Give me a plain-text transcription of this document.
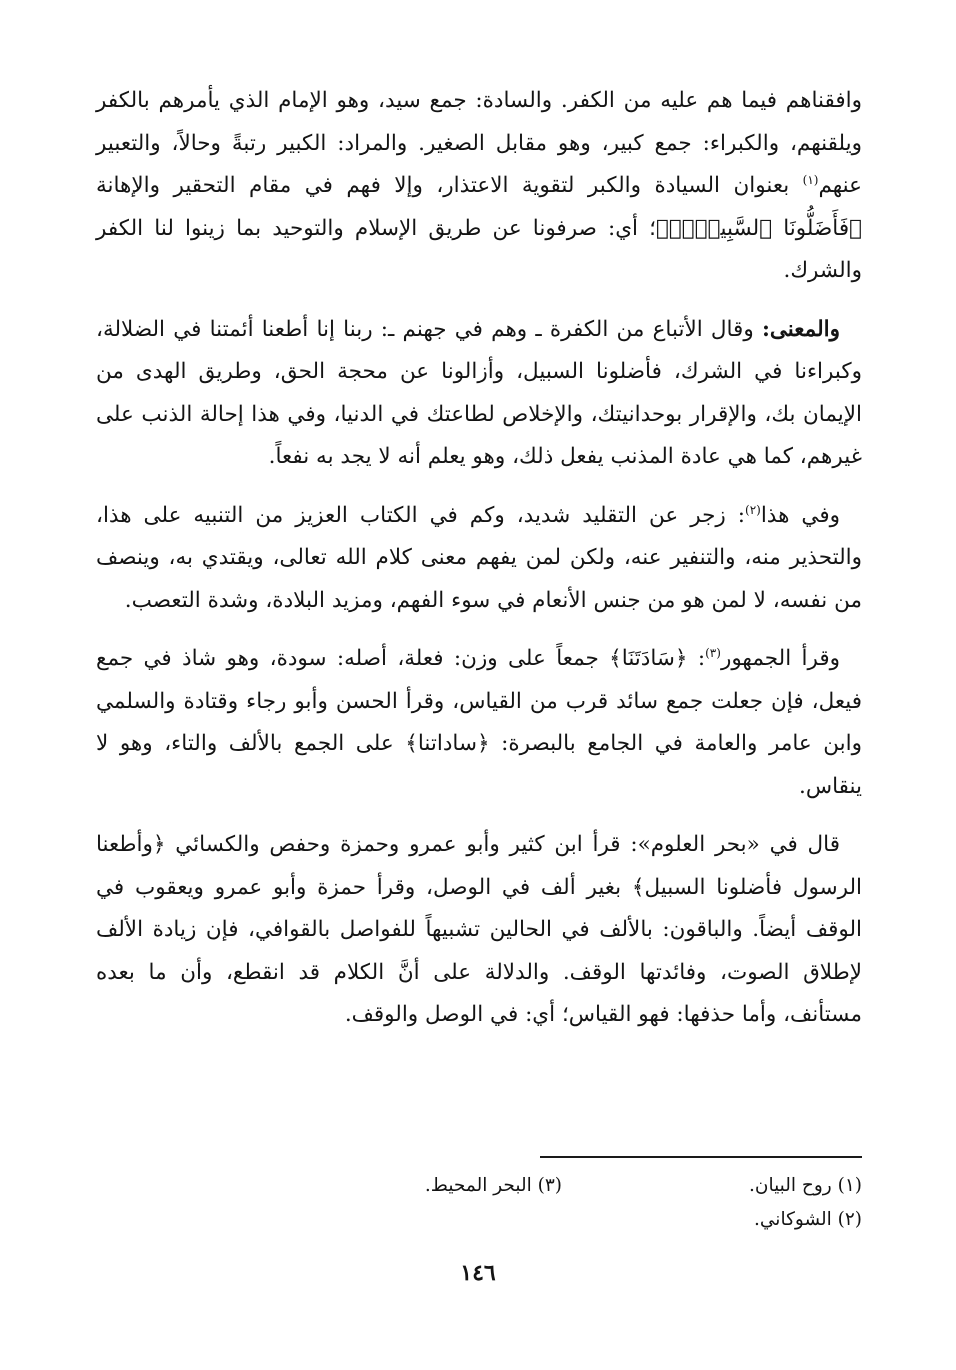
وافقناهم فيما هم عليه من الكفر. والسادة: جمع سيد، وهو الإمام الذي يأمرهم بالكفر ويلقنهم، والكبراء: جمع كبير، وهو مقابل الصغير. والمراد: الكبير رتبةً وحالاً، والتعبير عنهم$^{(١)}$ بعنوان السيادة والكبر لتقوية الاعتذار، وإلا فهم في مقام التحقير والإهانة ﴿فَأَضَلُّونَا ٱلسَّبِيلَا۠﴾؛ أي: صرفونا عن طريق الإسلام والتوحيد بما زينوا لنا الكفر والشرك.

والمعنى: وقال الأتباع من الكفرة ـ وهم في جهنم ـ: ربنا إنا أطعنا أئمتنا في الضلالة، وكبراءنا في الشرك، فأضلونا السبيل، وأزالونا عن محجة الحق، وطريق الهدى من الإيمان بك، والإقرار بوحدانيتك، والإخلاص لطاعتك في الدنيا، وفي هذا إحالة الذنب على غيرهم، كما هي عادة المذنب يفعل ذلك، وهو يعلم أنه لا يجد به نفعاً.

وفي هذا$^{(٢)}$: زجر عن التقليد شديد، وكم في الكتاب العزيز من التنبيه على هذا، والتحذير منه، والتنفير عنه، ولكن لمن يفهم معنى كلام الله تعالى، ويقتدي به، وينصف من نفسه، لا لمن هو من جنس الأنعام في سوء الفهم، ومزيد البلادة، وشدة التعصب.

وقرأ الجمهور$^{(٣)}$: ﴿سَادَتَنَا﴾ جمعاً على وزن: فعلة، أصله: سودة، وهو شاذ في جمع فيعل، فإن جعلت جمع سائد قرب من القياس، وقرأ الحسن وأبو رجاء وقتادة والسلمي وابن عامر والعامة في الجامع بالبصرة: ﴿ساداتنا﴾ على الجمع بالألف والتاء، وهو لا ينقاس.

قال في «بحر العلوم»: قرأ ابن كثير وأبو عمرو وحمزة وحفص والكسائي ﴿وأطعنا الرسول فأضلونا السبيل﴾ بغير ألف في الوصل، وقرأ حمزة وأبو عمرو ويعقوب في الوقف أيضاً. والباقون: بالألف في الحالين تشبيهاً للفواصل بالقوافي، فإن زيادة الألف لإطلاق الصوت، وفائدتها الوقف. والدلالة على أنَّ الكلام قد انقطع، وأن ما بعده مستأنف، وأما حذفها: فهو القياس؛ أي: في الوصل والوقف.

(١) روح البيان.
(٢) الشوكاني.
(٣) البحر المحيط.
١٤٦
